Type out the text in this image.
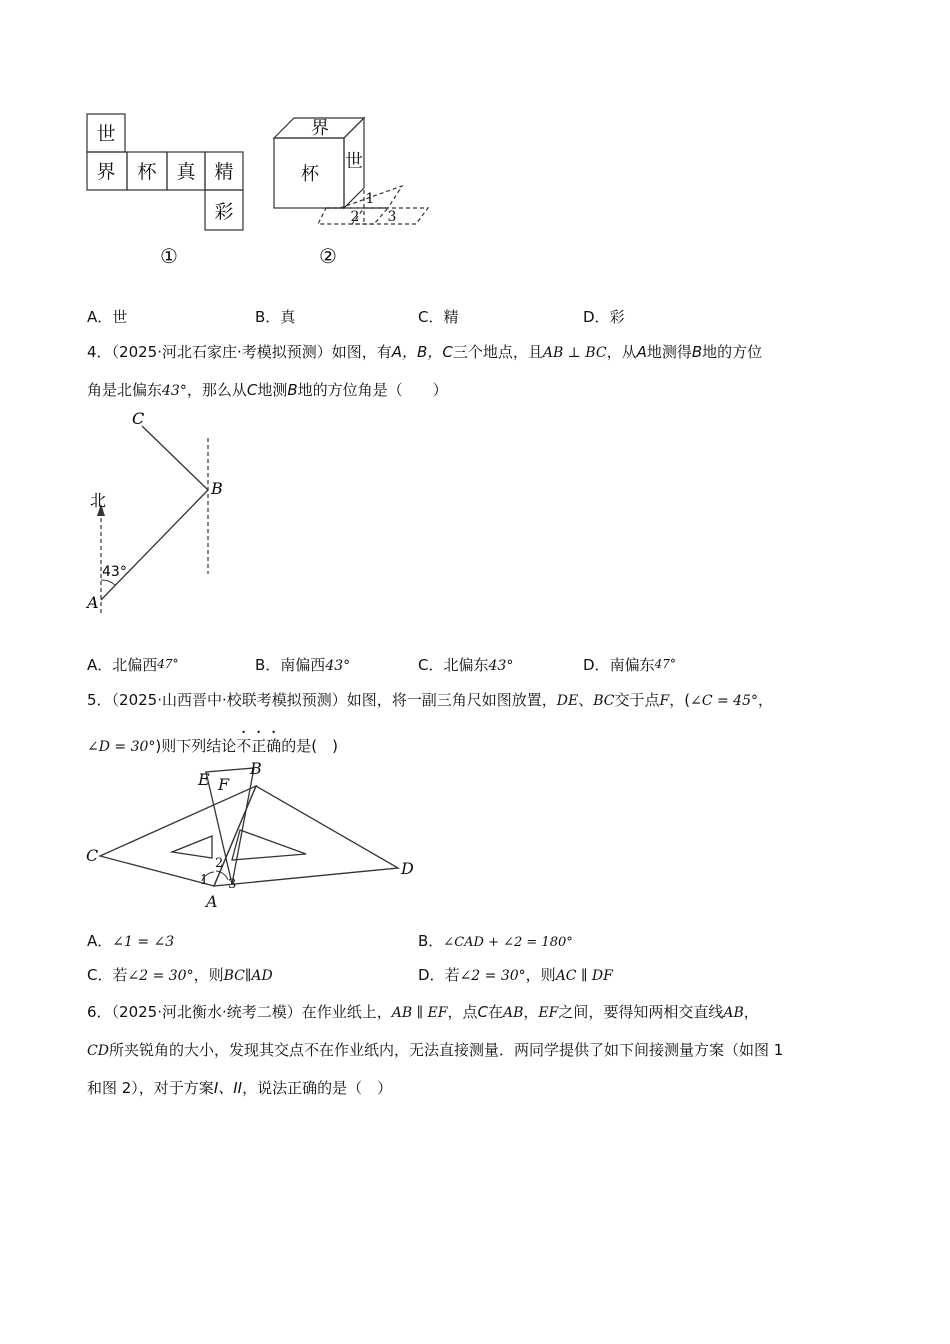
世
界 杯 真 精
彩
①
界
杯
世
1
2 3
②
A．世	B．真	C．精	D．彩
4．（2025·河北石家庄·考模拟预测）如图，有A，B，C三个地点，且AB ⊥ BC，从A地测得B地的方位
角是北偏东43°，那么从C地测B地的方位角是（　　）
北
43°
A
B
C
A．北偏西47°	B．南偏西43°	C．北偏东43°	D．南偏东47°
5．（2025·山西晋中·校联考模拟预测）如图，将一副三角尺如图放置，DE、BC交于点F，(∠C = 45°，
∠D = 30°)则下列结论不正确的是(　)
E F
B
C
D
A
1
2
3
A．∠1 = ∠3	B．∠CAD + ∠2 = 180°
C．若∠2 = 30°，则BC∥AD	D．若∠2 = 30°，则AC ∥ DF
6．（2025·河北衡水·统考二模）在作业纸上，AB ∥ EF，点C在AB，EF之间，要得知两相交直线AB，
CD所夹锐角的大小，发现其交点不在作业纸内，无法直接测量．两同学提供了如下间接测量方案（如图 1
和图 2），对于方案I、II，说法正确的是（　）
